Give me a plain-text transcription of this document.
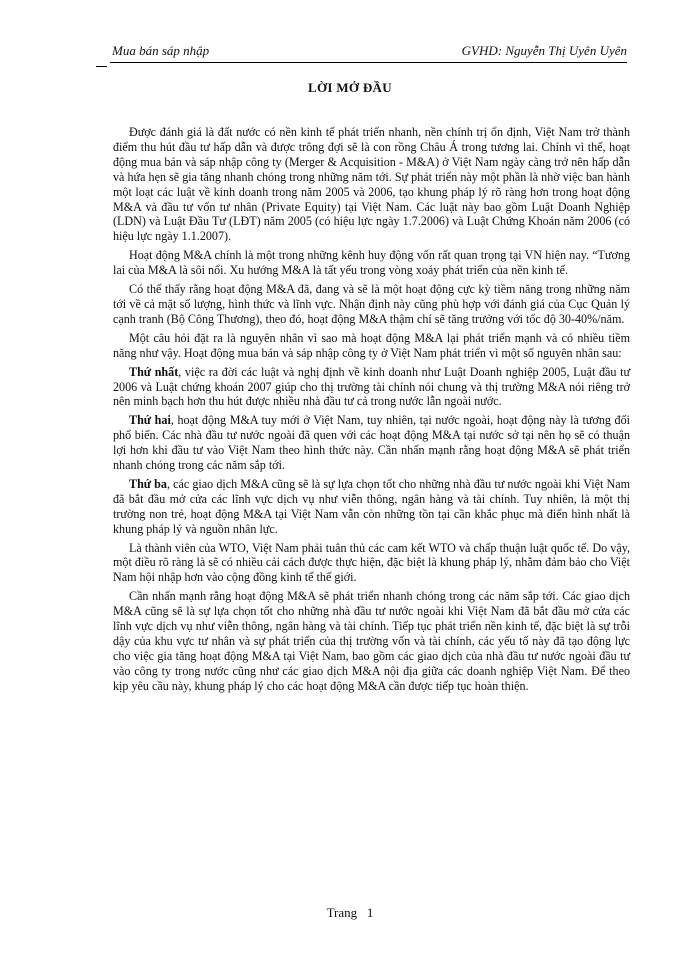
Mua bán sáp nhập	GVHD: Nguyễn Thị Uyên Uyên
LỜI MỞ ĐẦU

Được đánh giá là đất nước có nền kinh tế phát triển nhanh, nền chính trị ổn định, Việt Nam trở thành điểm thu hút đầu tư hấp dẫn và được trông đợi sẽ là con rồng Châu Á trong tương lai. Chính vì thế, hoạt động mua bán và sáp nhập công ty (Merger & Acquisition - M&A) ở Việt Nam ngày càng trở nên hấp dẫn và hứa hẹn sẽ gia tăng nhanh chóng trong những năm tới. Sự phát triển này một phần là nhờ việc ban hành một loạt các luật về kinh doanh trong năm 2005 và 2006, tạo khung pháp lý rõ ràng hơn trong hoạt động M&A và đầu tư vốn tư nhân (Private Equity) tại Việt Nam. Các luật này bao gồm Luật Doanh Nghiệp (LDN) và Luật Đầu Tư (LĐT) năm 2005 (có hiệu lực ngày 1.7.2006) và Luật Chứng Khoán năm 2006 (có hiệu lực ngày 1.1.2007).

Hoạt động M&A chính là một trong những kênh huy động vốn rất quan trọng tại VN hiện nay. “Tương lai của M&A là sôi nổi. Xu hướng M&A là tất yếu trong vòng xoáy phát triển của nền kinh tế.

Có thể thấy rằng hoạt động M&A đã, đang và sẽ là một hoạt động cực kỳ tiềm năng trong những năm tới về cả mặt số lượng, hình thức và lĩnh vực. Nhận định này cũng phù hợp với đánh giá của Cục Quản lý cạnh tranh (Bộ Công Thương), theo đó, hoạt động M&A thậm chí sẽ tăng trưởng với tốc độ 30-40%/năm.

Một câu hỏi đặt ra là nguyên nhân vì sao mà hoạt động M&A lại phát triển mạnh và có nhiều tiềm năng như vậy. Hoạt động mua bán và sáp nhập công ty ở Việt Nam phát triển vì một số nguyên nhân sau:

Thứ nhất, việc ra đời các luật và nghị định về kinh doanh như Luật Doanh nghiệp 2005, Luật đầu tư 2006 và Luật chứng khoán 2007 giúp cho thị trường tài chính nói chung và thị trường M&A nói riêng trở nên minh bạch hơn thu hút được nhiều nhà đầu tư cả trong nước lẫn ngoài nước.

Thứ hai, hoạt động M&A tuy mới ở Việt Nam, tuy nhiên, tại nước ngoài, hoạt động này là tương đối phổ biến. Các nhà đầu tư nước ngoài đã quen với các hoạt động M&A tại nước sở tại nên họ sẽ có thuận lợi hơn khi đầu tư vào Việt Nam theo hình thức này. Cần nhấn mạnh rằng hoạt động M&A sẽ phát triển nhanh chóng trong các năm sắp tới.

Thứ ba, các giao dịch M&A cũng sẽ là sự lựa chọn tốt cho những nhà đầu tư nước ngoài khi Việt Nam đã bắt đầu mở cửa các lĩnh vực dịch vụ như viễn thông, ngân hàng và tài chính. Tuy nhiên, là một thị trường non trẻ, hoạt động M&A tại Việt Nam vẫn còn những tồn tại cần khắc phục mà điển hình nhất là khung pháp lý và nguồn nhân lực.

Là thành viên của WTO, Việt Nam phải tuân thủ các cam kết WTO và chấp thuận luật quốc tế. Do vậy, một điều rõ ràng là sẽ có nhiều cải cách được thực hiện, đặc biệt là khung pháp lý, nhằm đảm bảo cho Việt Nam hội nhập hơn vào cộng đồng kinh tế thế giới.

Cần nhấn mạnh rằng hoạt động M&A sẽ phát triển nhanh chóng trong các năm sắp tới. Các giao dịch M&A cũng sẽ là sự lựa chọn tốt cho những nhà đầu tư nước ngoài khi Việt Nam đã bắt đầu mở cửa các lĩnh vực dịch vụ như viễn thông, ngân hàng và tài chính. Tiếp tục phát triển nền kinh tế, đặc biệt là sự trỗi dậy của khu vực tư nhân và sự phát triển của thị trường vốn và tài chính, các yếu tố này đã tạo động lực cho việc gia tăng hoạt động M&A tại Việt Nam, bao gồm các giao dịch của nhà đầu tư nước ngoài đầu tư vào công ty trong nước cũng như các giao dịch M&A nội địa giữa các doanh nghiệp Việt Nam. Để theo kịp yêu cầu này, khung pháp lý cho các hoạt động M&A cần được tiếp tục hoàn thiện.

Trang 1
